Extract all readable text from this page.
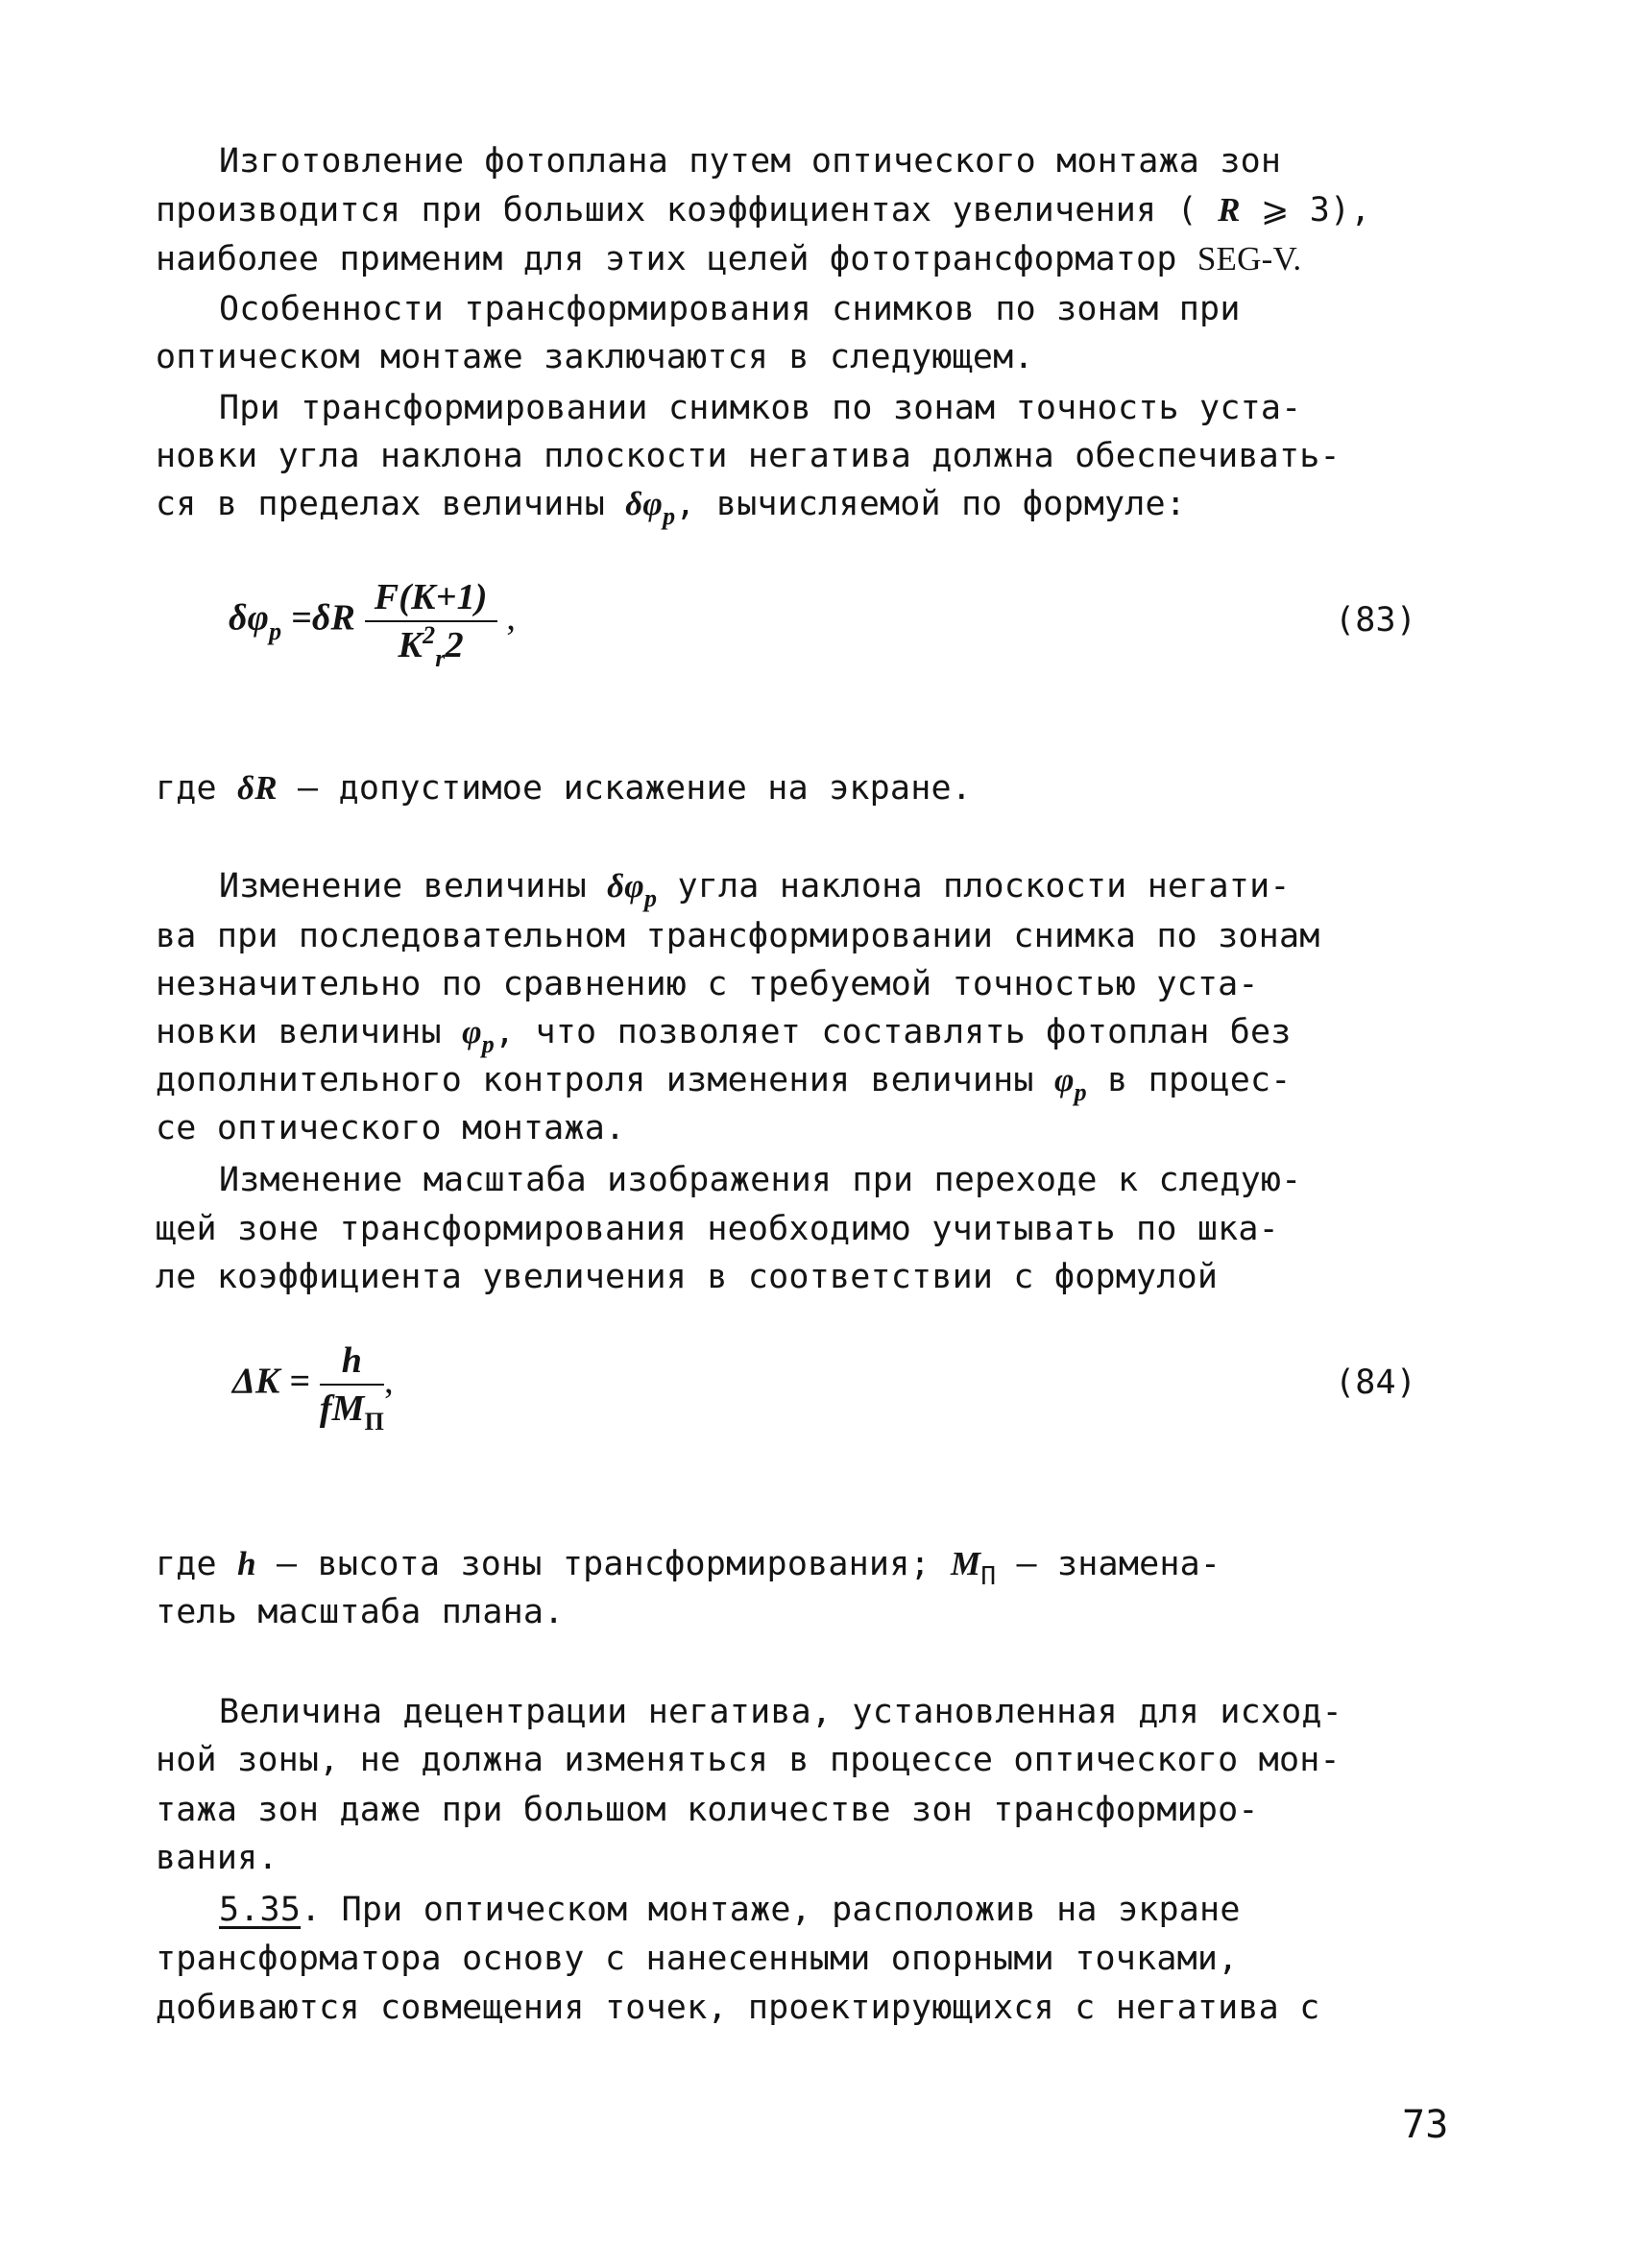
Изготовление фотоплана путем оптического монтажа зон
производится при больших коэффициентах увеличения ( R ⩾ 3),
наиболее применим для этих целей фототрансформатор SEG-V.
Особенности трансформирования снимков по зонам при
оптическом монтаже заключаются в следующем.
При трансформировании снимков по зонам точность уста-
новки угла наклона плоскости негатива должна обеспечивать-
ся в пределах величины $\delta\varphi_p$, вычисляемой по формуле:
$\delta\varphi_p =\delta R \frac{F(K+1)}{K^2_r2}$ ,	(83)
где δR – допустимое искажение на экране.
Изменение величины $\delta\varphi_p$ угла наклона плоскости негати-
ва при последовательном трансформировании снимка по зонам
незначительно по сравнению с требуемой точностью уста-
новки величины $\varphi_p$, что позволяет составлять фотоплан без
дополнительного контроля изменения величины $\varphi_p$ в процес-
се оптического монтажа.
Изменение масштаба изображения при переходе к следую-
щей зоне трансформирования необходимо учитывать по шка-
ле коэффициента увеличения в соответствии с формулой
$\Delta K = \frac{h}{fM_П}$ ,	(84)
где h – высота зоны трансформирования; $M_П$ – знамена-
тель масштаба плана.
Величина децентрации негатива, установленная для исход-
ной зоны, не должна изменяться в процессе оптического мон-
тажа зон даже при большом количестве зон трансформиро-
вания.
5.35. При оптическом монтаже, расположив на экране
трансформатора основу с нанесенными опорными точками,
добиваются совмещения точек, проектирующихся с негатива с
73
